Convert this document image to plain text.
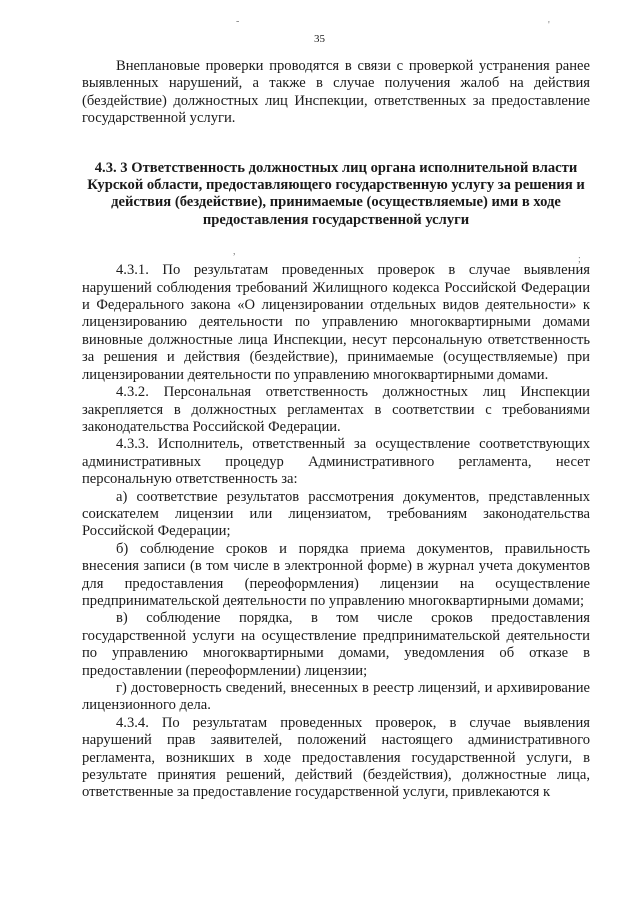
35
-	'
,
;

Внеплановые проверки проводятся в связи с проверкой устранения ранее выявленных нарушений, а также в случае получения жалоб на действия (бездействие) должностных лиц Инспекции, ответственных за предоставление государственной услуги.

4.3. 3 Ответственность должностных лиц органа исполнительной власти Курской области, предоставляющего государственную услугу за решения и действия (бездействие), принимаемые (осуществляемые) ими в ходе предоставления государственной услуги

4.3.1. По результатам проведенных проверок в случае выявления нарушений соблюдения требований Жилищного кодекса Российской Федерации и Федерального закона «О лицензировании отдельных видов деятельности» к лицензированию деятельности по управлению многоквартирными домами виновные должностные лица Инспекции, несут персональную ответственность за решения и действия (бездействие), принимаемые (осуществляемые) при лицензировании деятельности по управлению многоквартирными домами.

4.3.2. Персональная ответственность должностных лиц Инспекции закрепляется в должностных регламентах в соответствии с требованиями законодательства Российской Федерации.

4.3.3. Исполнитель, ответственный за осуществление соответствующих административных процедур Административного регламента, несет персональную ответственность за:

а) соответствие результатов рассмотрения документов, представленных соискателем лицензии или лицензиатом, требованиям законодательства Российской Федерации;

б) соблюдение сроков и порядка приема документов, правильность внесения записи (в том числе в электронной форме) в журнал учета документов для предоставления (переоформления) лицензии на осуществление предпринимательской деятельности по управлению многоквартирными домами;

в) соблюдение порядка, в том числе сроков предоставления государственной услуги на осуществление предпринимательской деятельности по управлению многоквартирными домами, уведомления об отказе в предоставлении (переоформлении) лицензии;

г) достоверность сведений, внесенных в реестр лицензий, и архивирование лицензионного дела.

4.3.4. По результатам проведенных проверок, в случае выявления нарушений прав заявителей, положений настоящего административного регламента, возникших в ходе предоставления государственной услуги, в результате принятия решений, действий (бездействия), должностные лица, ответственные за предоставление государственной услуги, привлекаются к
